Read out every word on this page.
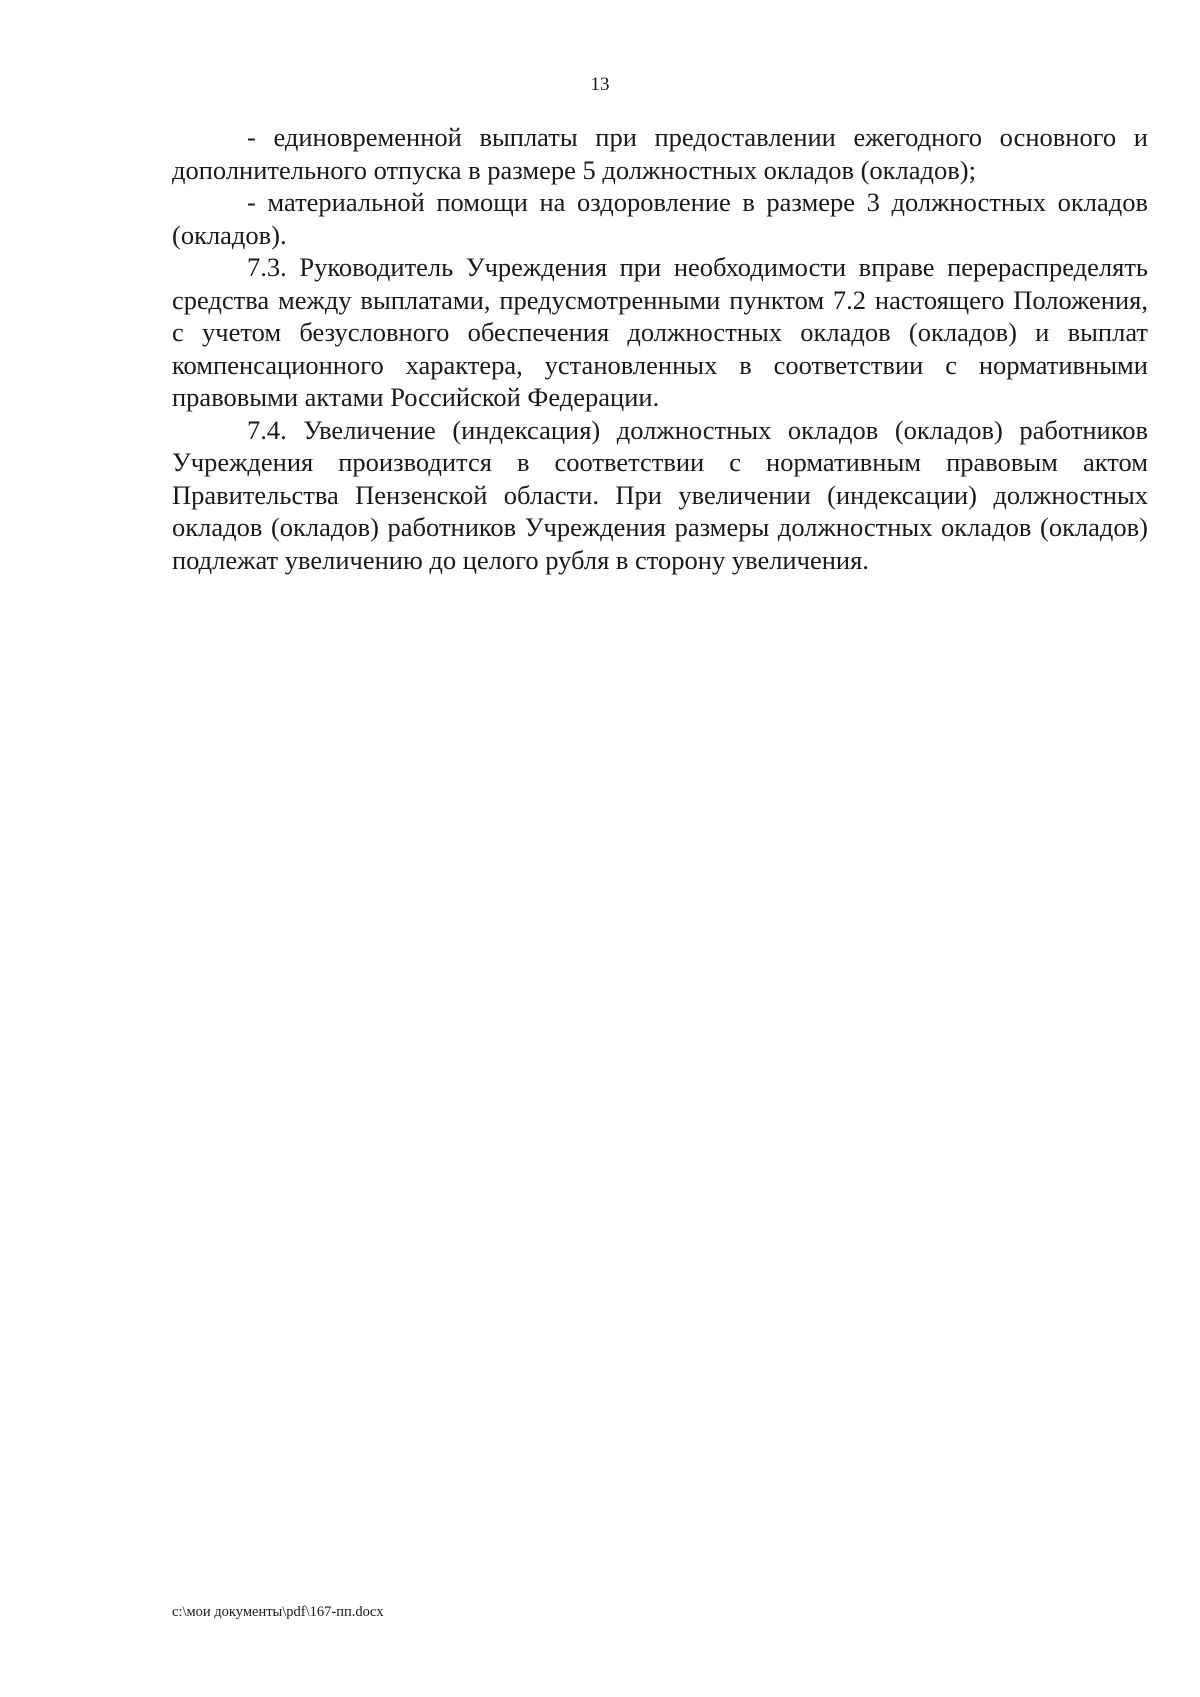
13

- единовременной выплаты при предоставлении ежегодного основного и дополнительного отпуска в размере 5 должностных окладов (окладов);

- материальной помощи на оздоровление в размере 3 должностных окладов (окладов).

7.3. Руководитель Учреждения при необходимости вправе перераспределять средства между выплатами, предусмотренными пунктом 7.2 настоящего Положения, с учетом безусловного обеспечения должностных окладов (окладов) и выплат компенсационного характера, установленных в соответствии с нормативными правовыми актами Российской Федерации.

7.4. Увеличение (индексация) должностных окладов (окладов) работников Учреждения производится в соответствии с нормативным правовым актом Правительства Пензенской области. При увеличении (индексации) должностных окладов (окладов) работников Учреждения размеры должностных окладов (окладов) подлежат увеличению до целого рубля в сторону увеличения.

c:\мои документы\pdf\167-пп.docx
